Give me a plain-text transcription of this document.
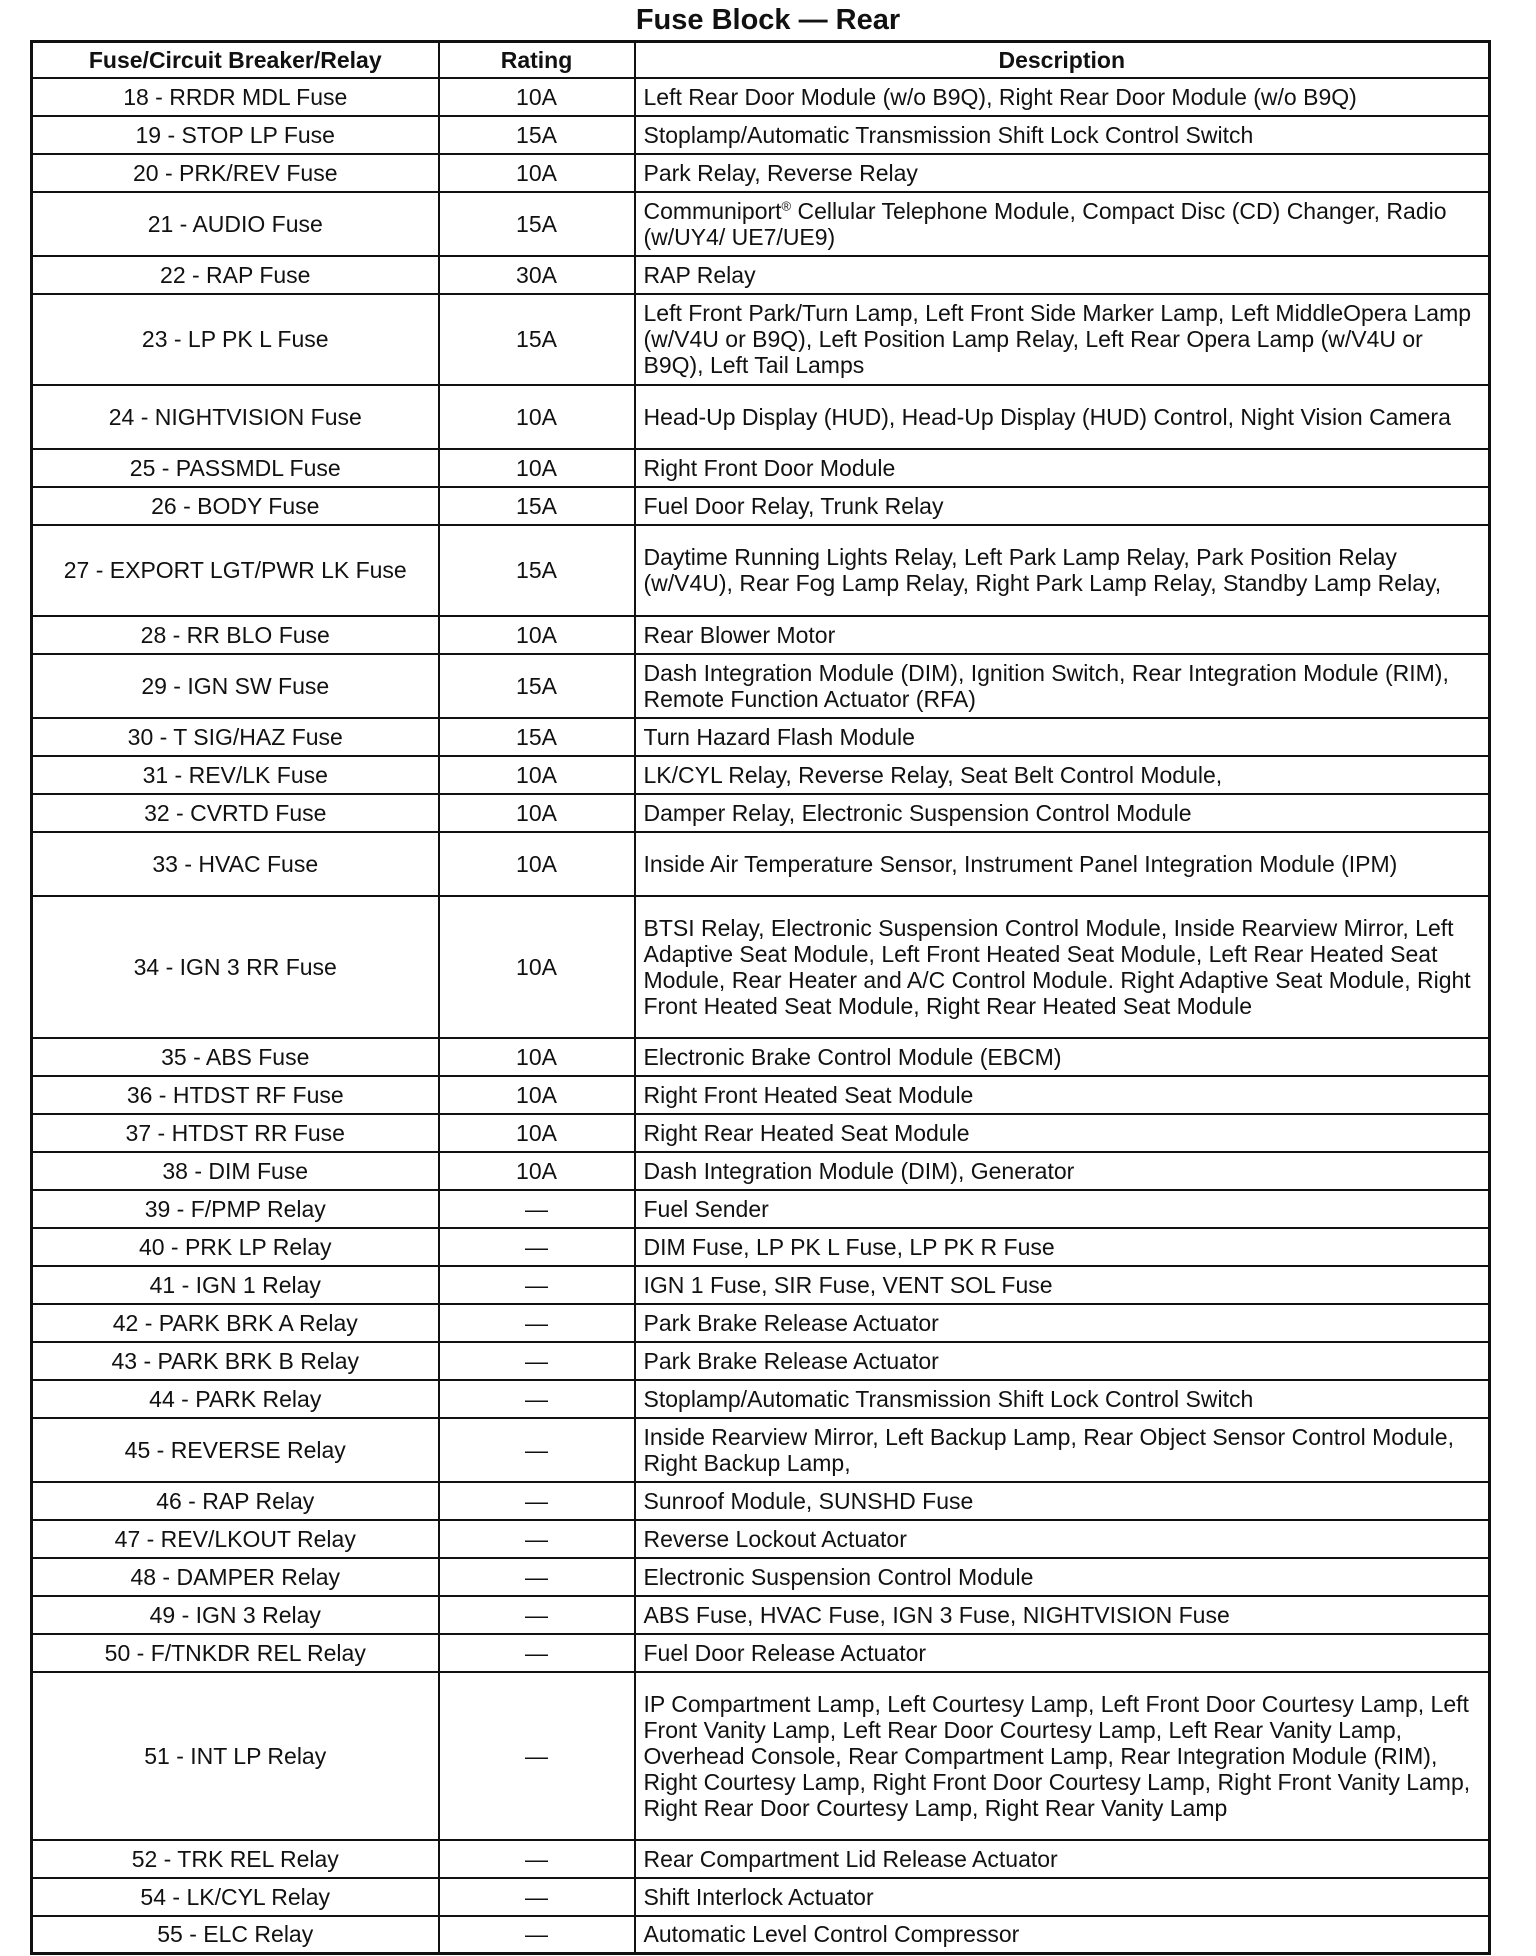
Fuse Block — Rear
Fuse/Circuit Breaker/Relay	Rating	Description
18 - RRDR MDL Fuse	10A	Left Rear Door Module (w/o B9Q), Right Rear Door Module (w/o B9Q)
19 - STOP LP Fuse	15A	Stoplamp/Automatic Transmission Shift Lock Control Switch
20 - PRK/REV Fuse	10A	Park Relay, Reverse Relay
21 - AUDIO Fuse	15A	Communiport® Cellular Telephone Module, Compact Disc (CD) Changer, Radio (w/UY4/ UE7/UE9)
22 - RAP Fuse	30A	RAP Relay
23 - LP PK L Fuse	15A	Left Front Park/Turn Lamp, Left Front Side Marker Lamp, Left MiddleOpera Lamp (w/V4U or B9Q), Left Position Lamp Relay, Left Rear Opera Lamp (w/V4U or B9Q), Left Tail Lamps
24 - NIGHTVISION Fuse	10A	Head-Up Display (HUD), Head-Up Display (HUD) Control, Night Vision Camera
25 - PASSMDL Fuse	10A	Right Front Door Module
26 - BODY Fuse	15A	Fuel Door Relay, Trunk Relay
27 - EXPORT LGT/PWR LK Fuse	15A	Daytime Running Lights Relay, Left Park Lamp Relay, Park Position Relay (w/V4U), Rear Fog Lamp Relay, Right Park Lamp Relay, Standby Lamp Relay,
28 - RR BLO Fuse	10A	Rear Blower Motor
29 - IGN SW Fuse	15A	Dash Integration Module (DIM), Ignition Switch, Rear Integration Module (RIM), Remote Function Actuator (RFA)
30 - T SIG/HAZ Fuse	15A	Turn Hazard Flash Module
31 - REV/LK Fuse	10A	LK/CYL Relay, Reverse Relay, Seat Belt Control Module,
32 - CVRTD Fuse	10A	Damper Relay, Electronic Suspension Control Module
33 - HVAC Fuse	10A	Inside Air Temperature Sensor, Instrument Panel Integration Module (IPM)
34 - IGN 3 RR Fuse	10A	BTSI Relay, Electronic Suspension Control Module, Inside Rearview Mirror, Left Adaptive Seat Module, Left Front Heated Seat Module, Left Rear Heated Seat Module, Rear Heater and A/C Control Module. Right Adaptive Seat Module, Right Front Heated Seat Module, Right Rear Heated Seat Module
35 - ABS Fuse	10A	Electronic Brake Control Module (EBCM)
36 - HTDST RF Fuse	10A	Right Front Heated Seat Module
37 - HTDST RR Fuse	10A	Right Rear Heated Seat Module
38 - DIM Fuse	10A	Dash Integration Module (DIM), Generator
39 - F/PMP Relay	—	Fuel Sender
40 - PRK LP Relay	—	DIM Fuse, LP PK L Fuse, LP PK R Fuse
41 - IGN 1 Relay	—	IGN 1 Fuse, SIR Fuse, VENT SOL Fuse
42 - PARK BRK A Relay	—	Park Brake Release Actuator
43 - PARK BRK B Relay	—	Park Brake Release Actuator
44 - PARK Relay	—	Stoplamp/Automatic Transmission Shift Lock Control Switch
45 - REVERSE Relay	—	Inside Rearview Mirror, Left Backup Lamp, Rear Object Sensor Control Module, Right Backup Lamp,
46 - RAP Relay	—	Sunroof Module, SUNSHD Fuse
47 - REV/LKOUT Relay	—	Reverse Lockout Actuator
48 - DAMPER Relay	—	Electronic Suspension Control Module
49 - IGN 3 Relay	—	ABS Fuse, HVAC Fuse, IGN 3 Fuse, NIGHTVISION Fuse
50 - F/TNKDR REL Relay	—	Fuel Door Release Actuator
51 - INT LP Relay	—	IP Compartment Lamp, Left Courtesy Lamp, Left Front Door Courtesy Lamp, Left Front Vanity Lamp, Left Rear Door Courtesy Lamp, Left Rear Vanity Lamp, Overhead Console, Rear Compartment Lamp, Rear Integration Module (RIM), Right Courtesy Lamp, Right Front Door Courtesy Lamp, Right Front Vanity Lamp, Right Rear Door Courtesy Lamp, Right Rear Vanity Lamp
52 - TRK REL Relay	—	Rear Compartment Lid Release Actuator
54 - LK/CYL Relay	—	Shift Interlock Actuator
55 - ELC Relay	—	Automatic Level Control Compressor
